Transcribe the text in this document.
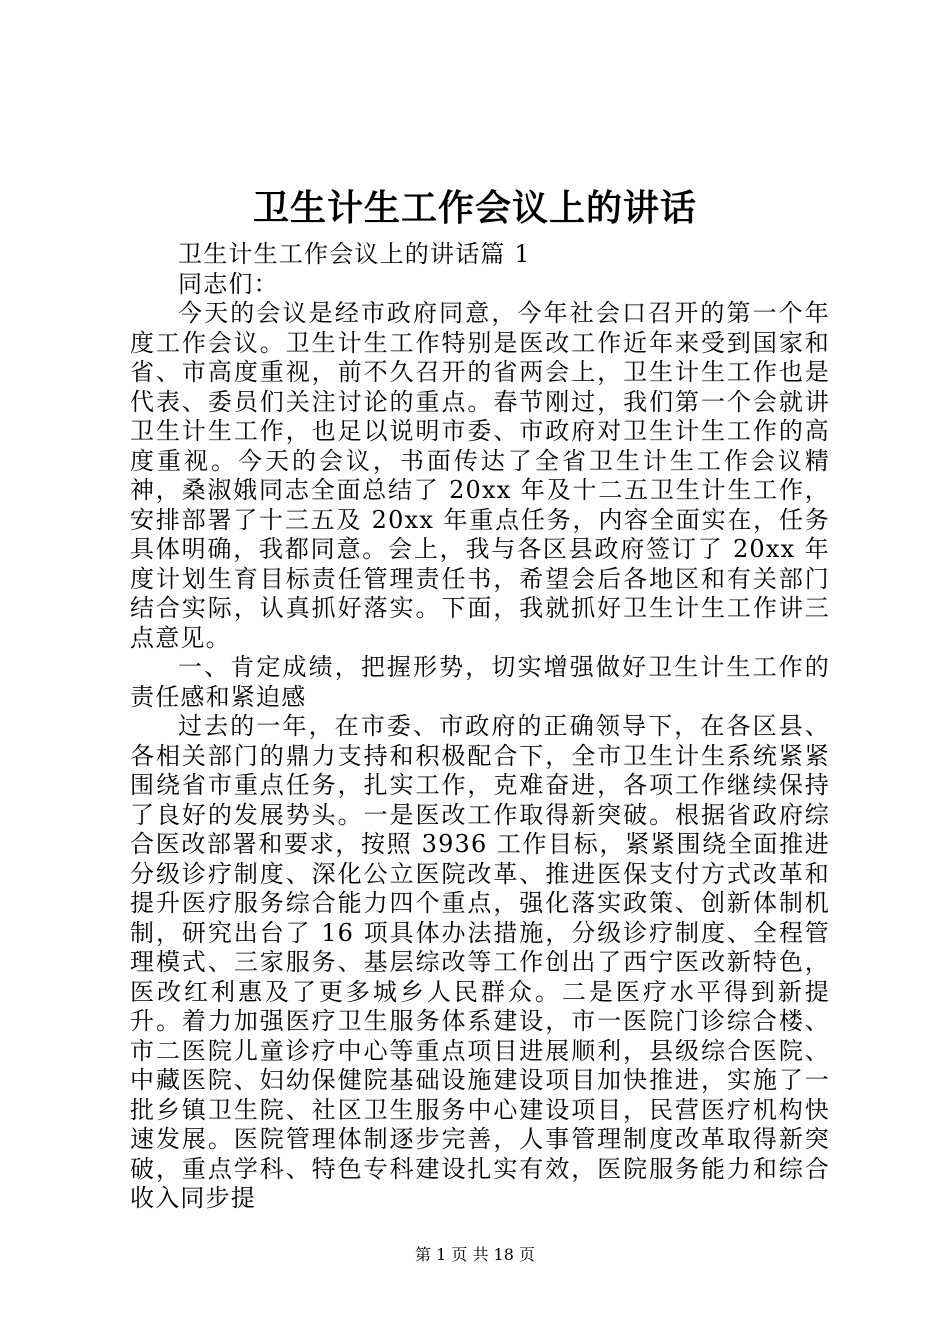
卫生计生工作会议上的讲话

卫生计生工作会议上的讲话篇 1

同志们：

今天的会议是经市政府同意，今年社会口召开的第一个年度工作会议。卫生计生工作特别是医改工作近年来受到国家和省、市高度重视，前不久召开的省两会上，卫生计生工作也是代表、委员们关注讨论的重点。春节刚过，我们第一个会就讲卫生计生工作，也足以说明市委、市政府对卫生计生工作的高度重视。今天的会议，书面传达了全省卫生计生工作会议精神，桑淑娥同志全面总结了 20xx 年及十二五卫生计生工作，安排部署了十三五及 20xx 年重点任务，内容全面实在，任务具体明确，我都同意。会上，我与各区县政府签订了 20xx 年度计划生育目标责任管理责任书，希望会后各地区和有关部门结合实际，认真抓好落实。下面，我就抓好卫生计生工作讲三点意见。

一、肯定成绩，把握形势，切实增强做好卫生计生工作的责任感和紧迫感

过去的一年，在市委、市政府的正确领导下，在各区县、各相关部门的鼎力支持和积极配合下，全市卫生计生系统紧紧围绕省市重点任务，扎实工作，克难奋进，各项工作继续保持了良好的发展势头。一是医改工作取得新突破。根据省政府综合医改部署和要求，按照 3936 工作目标，紧紧围绕全面推进分级诊疗制度、深化公立医院改革、推进医保支付方式改革和提升医疗服务综合能力四个重点，强化落实政策、创新体制机制，研究出台了 16 项具体办法措施，分级诊疗制度、全程管理模式、三家服务、基层综改等工作创出了西宁医改新特色，医改红利惠及了更多城乡人民群众。二是医疗水平得到新提升。着力加强医疗卫生服务体系建设，市一医院门诊综合楼、市二医院儿童诊疗中心等重点项目进展顺利，县级综合医院、中藏医院、妇幼保健院基础设施建设项目加快推进，实施了一批乡镇卫生院、社区卫生服务中心建设项目，民营医疗机构快速发展。医院管理体制逐步完善，人事管理制度改革取得新突破，重点学科、特色专科建设扎实有效，医院服务能力和综合收入同步提

第 1 页 共 18 页
